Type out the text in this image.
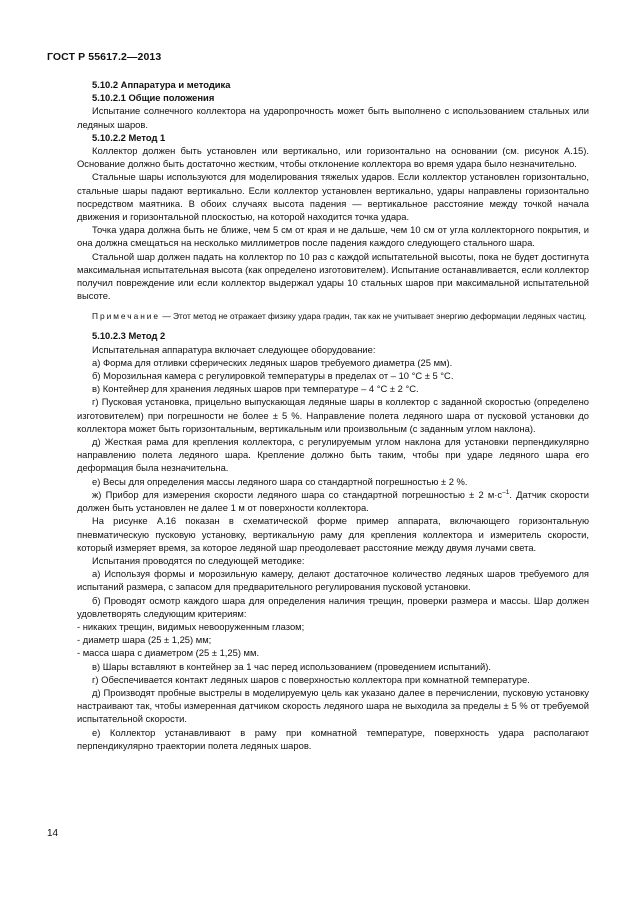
ГОСТ Р 55617.2—2013

5.10.2 Аппаратура и методика

5.10.2.1 Общие положения

Испытание солнечного коллектора на ударопрочность может быть выполнено с использованием стальных или ледяных шаров.

5.10.2.2 Метод 1

Коллектор должен быть установлен или вертикально, или горизонтально на основании (см. рисунок А.15). Основание должно быть достаточно жестким, чтобы отклонение коллектора во время удара было незначительно.

Стальные шары используются для моделирования тяжелых ударов. Если коллектор установлен горизонтально, стальные шары падают вертикально. Если коллектор установлен вертикально, удары направлены горизонтально посредством маятника. В обоих случаях высота падения — вертикальное расстояние между точкой начала движения и горизонтальной плоскостью, на которой находится точка удара.

Точка удара должна быть не ближе, чем 5 см от края и не дальше, чем 10 см от угла коллекторного покрытия, и она должна смещаться на несколько миллиметров после падения каждого следующего стального шара.

Стальной шар должен падать на коллектор по 10 раз с каждой испытательной высоты, пока не будет достигнута максимальная испытательная высота (как определено изготовителем). Испытание останавливается, если коллектор получил повреждение или если коллектор выдержал удары 10 стальных шаров при максимальной испытательной высоте.

Примечание — Этот метод не отражает физику удара градин, так как не учитывает энергию деформации ледяных частиц.

5.10.2.3 Метод 2

Испытательная аппаратура включает следующее оборудование:

а) Форма для отливки сферических ледяных шаров требуемого диаметра (25 мм).

б) Морозильная камера с регулировкой температуры в пределах от – 10 °С ± 5 °С.

в) Контейнер для хранения ледяных шаров при температуре – 4 °С ± 2 °С.

г) Пусковая установка, прицельно выпускающая ледяные шары в коллектор с заданной скоростью (определено изготовителем) при погрешности не более ± 5 %. Направление полета ледяного шара от пусковой установки до коллектора может быть горизонтальным, вертикальным или произвольным (с заданным углом наклона).

д) Жесткая рама для крепления коллектора, с регулируемым углом наклона для установки перпендикулярно направлению полета ледяного шара. Крепление должно быть таким, чтобы при ударе ледяного шара его деформация была незначительна.

е) Весы для определения массы ледяного шара со стандартной погрешностью ± 2 %.

ж) Прибор для измерения скорости ледяного шара со стандартной погрешностью ± 2 $м\cdot с^{-1}$. Датчик скорости должен быть установлен не далее 1 м от поверхности коллектора.

На рисунке А.16 показан в схематической форме пример аппарата, включающего горизонтальную пневматическую пусковую установку, вертикальную раму для крепления коллектора и измеритель скорости, который измеряет время, за которое ледяной шар преодолевает расстояние между двумя лучами света.

Испытания проводятся по следующей методике:

а) Используя формы и морозильную камеру, делают достаточное количество ледяных шаров требуемого для испытаний размера, с запасом для предварительного регулирования пусковой установки.

б) Проводят осмотр каждого шара для определения наличия трещин, проверки размера и массы. Шар должен удовлетворять следующим критериям:

- никаких трещин, видимых невооруженным глазом;

- диаметр шара (25 ± 1,25) мм;

- масса шара с диаметром (25 ± 1,25) мм.

в) Шары вставляют в контейнер за 1 час перед использованием (проведением испытаний).

г) Обеспечивается контакт ледяных шаров с поверхностью коллектора при комнатной температуре.

д) Производят пробные выстрелы в моделируемую цель как указано далее в перечислении, пусковую установку настраивают так, чтобы измеренная датчиком скорость ледяного шара не выходила за пределы ± 5 % от требуемой испытательной скорости.

е) Коллектор устанавливают в раму при комнатной температуре, поверхность удара располагают перпендикулярно траектории полета ледяных шаров.

14
